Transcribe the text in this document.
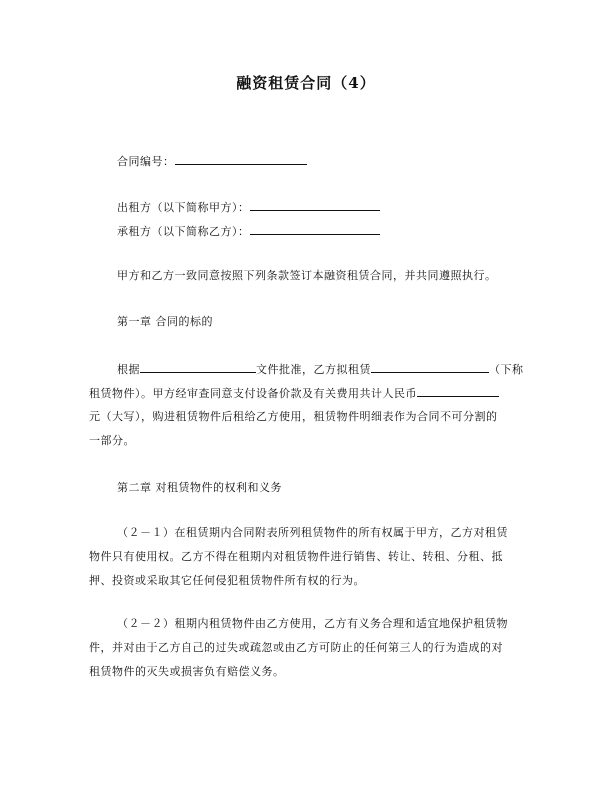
融资租赁合同（4）
合同编号：
出租方（以下简称甲方）：
承租方（以下简称乙方）：
甲方和乙方一致同意按照下列条款签订本融资租赁合同，并共同遵照执行。
第一章 合同的标的
根据	文件批准，乙方拟租赁	（下称
租赁物件）。甲方经审查同意支付设备价款及有关费用共计人民币
元（大写），购进租赁物件后租给乙方使用，租赁物件明细表作为合同不可分割的
一部分。
第二章 对租赁物件的权利和义务
（２－１）在租赁期内合同附表所列租赁物件的所有权属于甲方，乙方对租赁
物件只有使用权。乙方不得在租期内对租赁物件进行销售、转让、转租、分租、抵
押、投资或采取其它任何侵犯租赁物件所有权的行为。
（２－２）租期内租赁物件由乙方使用，乙方有义务合理和适宜地保护租赁物
件，并对由于乙方自己的过失或疏忽或由乙方可防止的任何第三人的行为造成的对
租赁物件的灭失或损害负有赔偿义务。
